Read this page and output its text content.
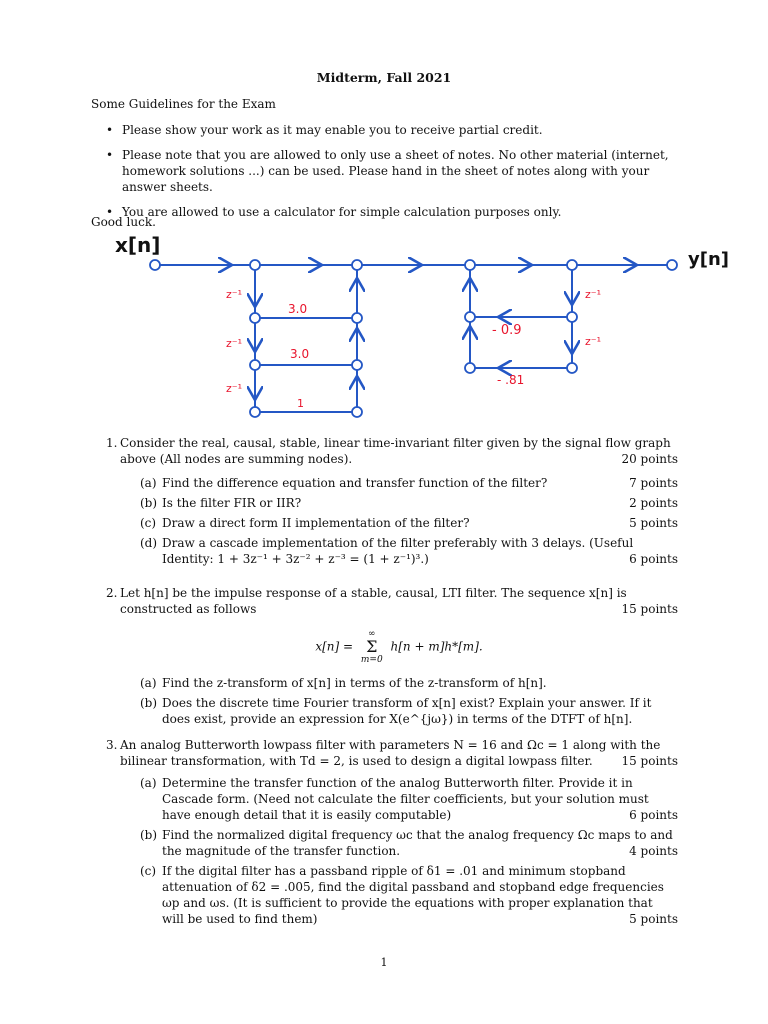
Midterm, Fall 2021
Some Guidelines for the Exam
• Please show your work as it may enable you to receive partial credit.
• Please note that you are allowed to only use a sheet of notes. No other material (internet, homework solutions ...) can be used. Please hand in the sheet of notes along with your answer sheets.
• You are allowed to use a calculator for simple calculation purposes only.
Good luck.
x[n]
y[n]
z⁻¹
z⁻¹
z⁻¹
z⁻¹
z⁻¹
3.0
3.0
1
- 0.9
- .81
1. Consider the real, causal, stable, linear time-invariant filter given by the signal flow graph above (All nodes are summing nodes).	20 points
(a) Find the difference equation and transfer function of the filter?	7 points
(b) Is the filter FIR or IIR?	2 points
(c) Draw a direct form II implementation of the filter?	5 points
(d) Draw a cascade implementation of the filter preferably with 3 delays. (Useful Identity: 1 + 3z⁻¹ + 3z⁻² + z⁻³ = (1 + z⁻¹)³.)	6 points
2. Let h[n] be the impulse response of a stable, causal, LTI filter. The sequence x[n] is constructed as follows	15 points
x[n] =
∞
Σ
m=0
h[n + m]h*[m].
(a) Find the z-transform of x[n] in terms of the z-transform of h[n].
(b) Does the discrete time Fourier transform of x[n] exist? Explain your answer. If it does exist, provide an expression for X(e^{jω}) in terms of the DTFT of h[n].
3. An analog Butterworth lowpass filter with parameters N = 16 and Ωc = 1 along with the bilinear transformation, with Td = 2, is used to design a digital lowpass filter. 15 points
(a) Determine the transfer function of the analog Butterworth filter. Provide it in Cascade form. (Need not calculate the filter coefficients, but your solution must have enough detail that it is easily computable)	6 points
(b) Find the normalized digital frequency ωc that the analog frequency Ωc maps to and the magnitude of the transfer function.	4 points
(c) If the digital filter has a passband ripple of δ1 = .01 and minimum stopband attenuation of δ2 = .005, find the digital passband and stopband edge frequencies ωp and ωs. (It is sufficient to provide the equations with proper explanation that will be used to find them)	5 points
1
